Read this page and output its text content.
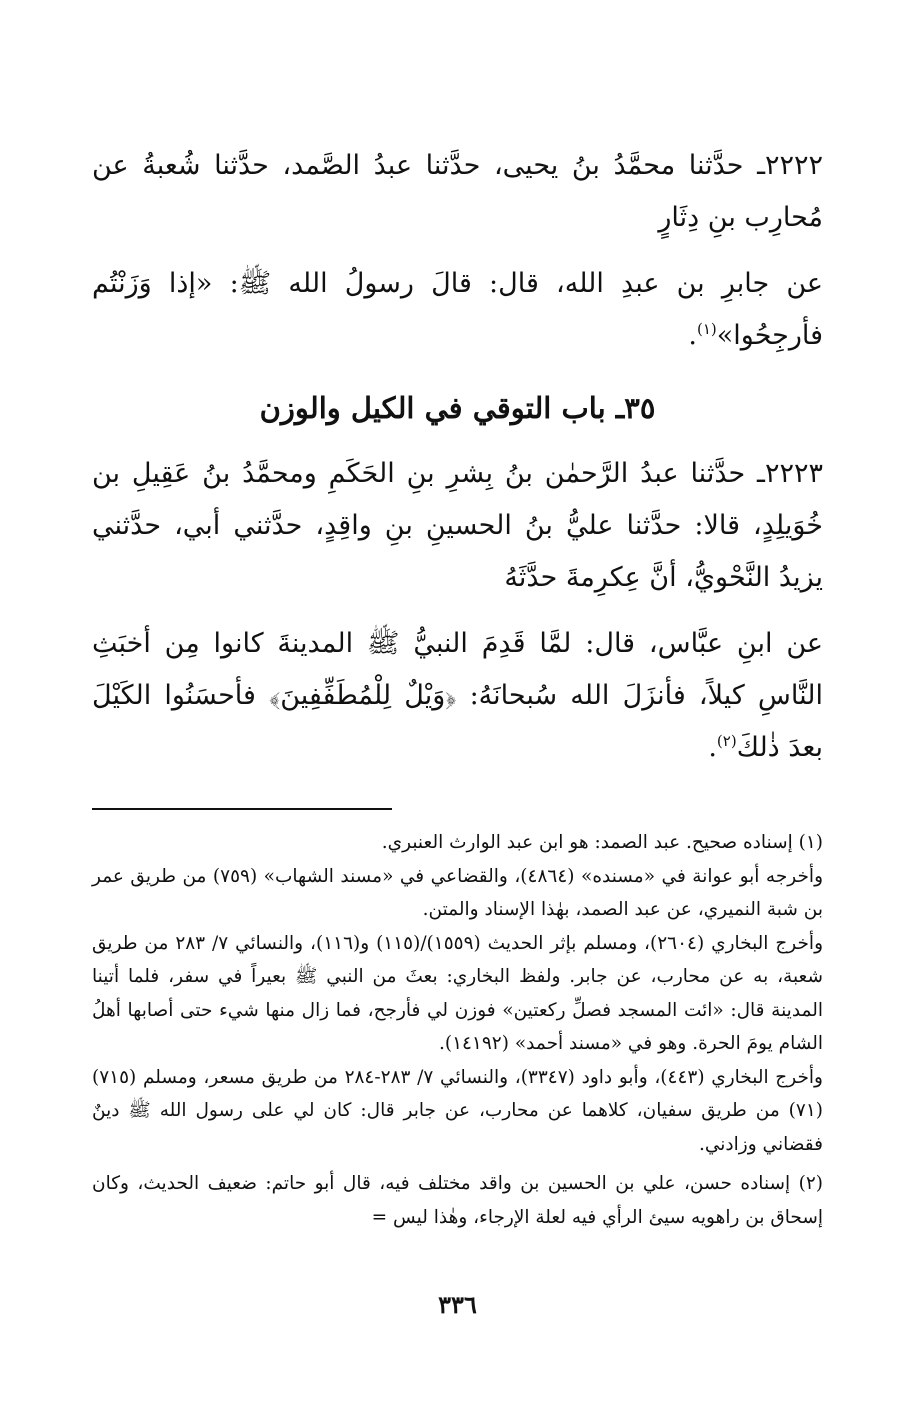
٢٢٢٢ـ حدَّثنا محمَّدُ بنُ يحيى، حدَّثنا عبدُ الصَّمد، حدَّثنا شُعبةُ عن مُحارِب بنِ دِثَارٍ

عن جابرِ بن عبدِ الله، قال: قالَ رسولُ الله ﷺ: «إذا وَزَنْتُم فأرجِحُوا»$^{(١)}$.

٣٥ـ باب التوقي في الكيل والوزن

٢٢٢٣ـ حدَّثنا عبدُ الرَّحمٰن بنُ بِشرِ بنِ الحَكَمِ ومحمَّدُ بنُ عَقِيلِ بن خُوَيلِدٍ، قالا: حدَّثنا عليُّ بنُ الحسينِ بنِ واقِدٍ، حدَّثني أبي، حدَّثني يزيدُ النَّحْويُّ، أنَّ عِكرِمةَ حدَّثَهُ

عن ابنِ عبَّاس، قال: لمَّا قَدِمَ النبيُّ ﷺ المدينةَ كانوا مِن أخبَثِ النَّاسِ كيلاً، فأنزَلَ الله سُبحانَهُ: ﴿وَيْلٌ لِلْمُطَفِّفِينَ﴾ فأحسَنُوا الكَيْلَ بعدَ ذٰلكَ$^{(٢)}$.

(١) إسناده صحيح. عبد الصمد: هو ابن عبد الوارث العنبري.

وأخرجه أبو عوانة في «مسنده» (٤٨٦٤)، والقضاعي في «مسند الشهاب» (٧٥٩) من طريق عمر بن شبة النميري، عن عبد الصمد، بهٰذا الإسناد والمتن.

وأخرج البخاري (٢٦٠٤)، ومسلم بإثر الحديث (١٥٥٩)/(١١٥) و(١١٦)، والنسائي ٧/ ٢٨٣ من طريق شعبة، به عن محارب، عن جابر. ولفظ البخاري: بعثَ من النبي ﷺ بعيراً في سفر، فلما أتينا المدينة قال: «ائت المسجد فصلِّ ركعتين» فوزن لي فأرجح، فما زال منها شيء حتى أصابها أهلُ الشام يومَ الحرة. وهو في «مسند أحمد» (١٤١٩٢).

وأخرج البخاري (٤٤٣)، وأبو داود (٣٣٤٧)، والنسائي ٧/ ٢٨٣-٢٨٤ من طريق مسعر، ومسلم (٧١٥) (٧١) من طريق سفيان، كلاهما عن محارب، عن جابر قال: كان لي على رسول الله ﷺ دينٌ فقضاني وزادني.

(٢) إسناده حسن، علي بن الحسين بن واقد مختلف فيه، قال أبو حاتم: ضعيف الحديث، وكان إسحاق بن راهويه سيئ الرأي فيه لعلة الإرجاء، وهٰذا ليس =

٣٣٦
